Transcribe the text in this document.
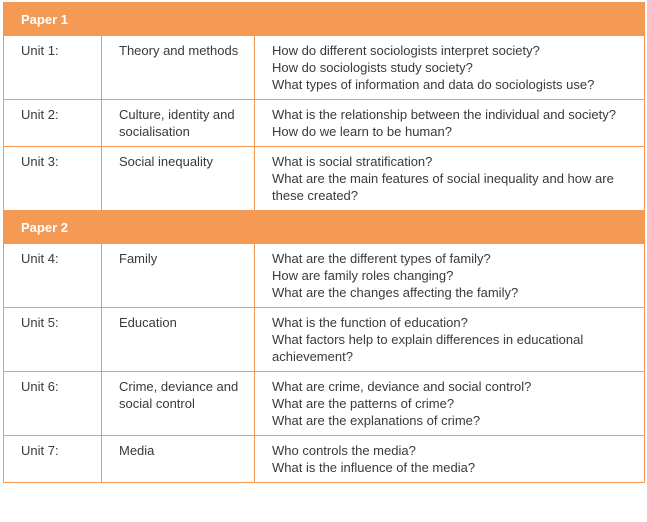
Paper 1		
Unit 1:	Theory and methods	How do different sociologists interpret society?
How do sociologists study society?
What types of information and data do sociologists use?

Unit 2:	Culture, identity and socialisation	What is the relationship between the individual and society?
How do we learn to be human?

Unit 3:	Social inequality	What is social stratification?
What are the main features of social inequality and how are these created?

Paper 2		
Unit 4:	Family	What are the different types of family?
How are family roles changing?
What are the changes affecting the family?

Unit 5:	Education	What is the function of education?
What factors help to explain differences in educational achievement?

Unit 6:	Crime, deviance and social control	What are crime, deviance and social control?
What are the patterns of crime?
What are the explanations of crime?

Unit 7:	Media	Who controls the media?
What is the influence of the media?
